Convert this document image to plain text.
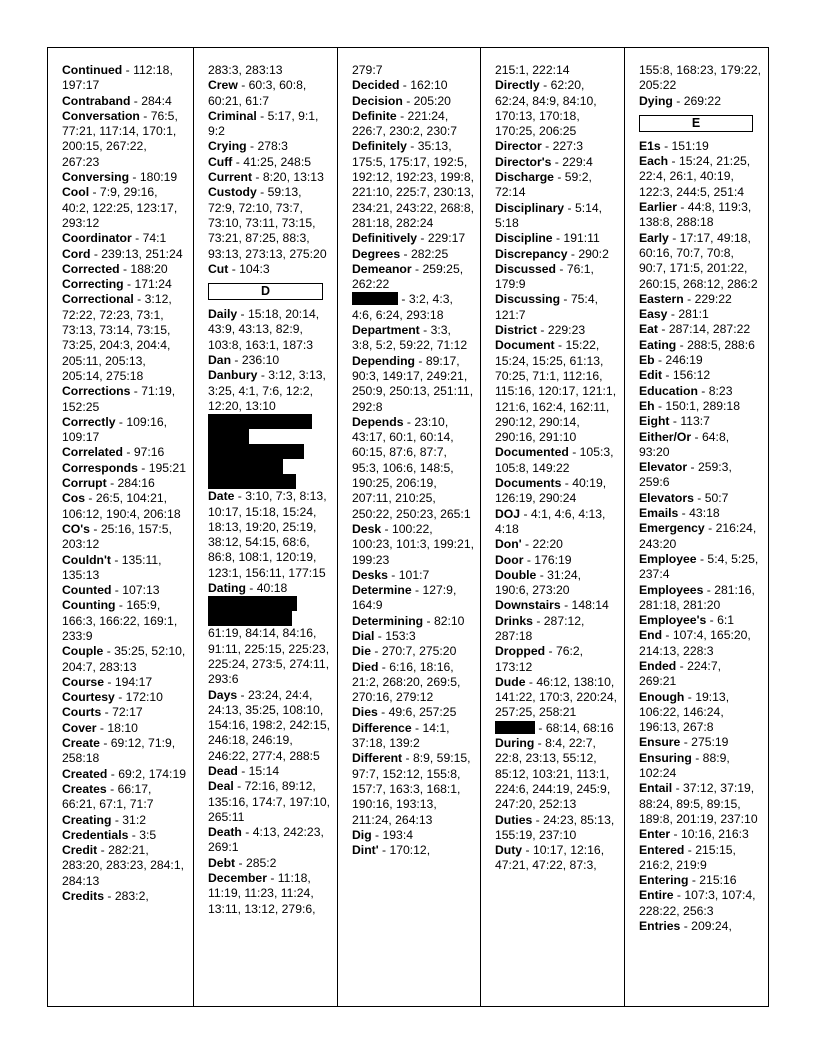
Continued - 112:18, 197:17
Contraband - 284:4
Conversation - 76:5, 77:21, 117:14, 170:1, 200:15, 267:22, 267:23
Conversing - 180:19
Cool - 7:9, 29:16, 40:2, 122:25, 123:17, 293:12
Coordinator - 74:1
Cord - 239:13, 251:24
Corrected - 188:20
Correcting - 171:24
Correctional - 3:12, 72:22, 72:23, 73:1, 73:13, 73:14, 73:15, 73:25, 204:3, 204:4, 205:11, 205:13, 205:14, 275:18
Corrections - 71:19, 152:25
Correctly - 109:16, 109:17
Correlated - 97:16
Corresponds - 195:21
Corrupt - 284:16
Cos - 26:5, 104:21, 106:12, 190:4, 206:18
CO's - 25:16, 157:5, 203:12
Couldn't - 135:11, 135:13
Counted - 107:13
Counting - 165:9, 166:3, 166:22, 169:1, 233:9
Couple - 35:25, 52:10, 204:7, 283:13
Course - 194:17
Courtesy - 172:10
Courts - 72:17
Cover - 18:10
Create - 69:12, 71:9, 258:18
Created - 69:2, 174:19
Creates - 66:17, 66:21, 67:1, 71:7
Creating - 31:2
Credentials - 3:5
Credit - 282:21, 283:20, 283:23, 284:1, 284:13
Credits - 283:2,
283:3, 283:13
Crew - 60:3, 60:8, 60:21, 61:7
Criminal - 5:17, 9:1, 9:2
Crying - 278:3
Cuff - 41:25, 248:5
Current - 8:20, 13:13
Custody - 59:13, 72:9, 72:10, 73:7, 73:10, 73:11, 73:15, 73:21, 87:25, 88:3, 93:13, 273:13, 275:20
Cut - 104:3
D
Daily - 15:18, 20:14, 43:9, 43:13, 82:9, 103:8, 163:1, 187:3
Dan - 236:10
Danbury - 3:12, 3:13, 3:25, 4:1, 7:6, 12:2, 12:20, 13:10
Date - 3:10, 7:3, 8:13, 10:17, 15:18, 15:24, 18:13, 19:20, 25:19, 38:12, 54:15, 68:6, 86:8, 108:1, 120:19, 123:1, 156:11, 177:15
Dating - 40:18
61:19, 84:14, 84:16, 91:11, 225:15, 225:23, 225:24, 273:5, 274:11, 293:6
Days - 23:24, 24:4, 24:13, 35:25, 108:10, 154:16, 198:2, 242:15, 246:18, 246:19, 246:22, 277:4, 288:5
Dead - 15:14
Deal - 72:16, 89:12, 135:16, 174:7, 197:10, 265:11
Death - 4:13, 242:23, 269:1
Debt - 285:2
December - 11:18, 11:19, 11:23, 11:24, 13:11, 13:12, 279:6,
279:7
Decided - 162:10
Decision - 205:20
Definite - 221:24, 226:7, 230:2, 230:7
Definitely - 35:13, 175:5, 175:17, 192:5, 192:12, 192:23, 199:8, 221:10, 225:7, 230:13, 234:21, 243:22, 268:8, 281:18, 282:24
Definitively - 229:17
Degrees - 282:25
Demeanor - 259:25, 262:22
- 3:2, 4:3, 4:6, 6:24, 293:18
Department - 3:3, 3:8, 5:2, 59:22, 71:12
Depending - 89:17, 90:3, 149:17, 249:21, 250:9, 250:13, 251:11, 292:8
Depends - 23:10, 43:17, 60:1, 60:14, 60:15, 87:6, 87:7, 95:3, 106:6, 148:5, 190:25, 206:19, 207:11, 210:25, 250:22, 250:23, 265:1
Desk - 100:22, 100:23, 101:3, 199:21, 199:23
Desks - 101:7
Determine - 127:9, 164:9
Determining - 82:10
Dial - 153:3
Die - 270:7, 275:20
Died - 6:16, 18:16, 21:2, 268:20, 269:5, 270:16, 279:12
Dies - 49:6, 257:25
Difference - 14:1, 37:18, 139:2
Different - 8:9, 59:15, 97:7, 152:12, 155:8, 157:7, 163:3, 168:1, 190:16, 193:13, 211:24, 264:13
Dig - 193:4
Dint' - 170:12,
215:1, 222:14
Directly - 62:20, 62:24, 84:9, 84:10, 170:13, 170:18, 170:25, 206:25
Director - 227:3
Director's - 229:4
Discharge - 59:2, 72:14
Disciplinary - 5:14, 5:18
Discipline - 191:11
Discrepancy - 290:2
Discussed - 76:1, 179:9
Discussing - 75:4, 121:7
District - 229:23
Document - 15:22, 15:24, 15:25, 61:13, 70:25, 71:1, 112:16, 115:16, 120:17, 121:1, 121:6, 162:4, 162:11, 290:12, 290:14, 290:16, 291:10
Documented - 105:3, 105:8, 149:22
Documents - 40:19, 126:19, 290:24
DOJ - 4:1, 4:6, 4:13, 4:18
Don' - 22:20
Door - 176:19
Double - 31:24, 190:6, 273:20
Downstairs - 148:14
Drinks - 287:12, 287:18
Dropped - 76:2, 173:12
Dude - 46:12, 138:10, 141:22, 170:3, 220:24, 257:25, 258:21
- 68:14, 68:16
During - 8:4, 22:7, 22:8, 23:13, 55:12, 85:12, 103:21, 113:1, 224:6, 244:19, 245:9, 247:20, 252:13
Duties - 24:23, 85:13, 155:19, 237:10
Duty - 10:17, 12:16, 47:21, 47:22, 87:3,
155:8, 168:23, 179:22, 205:22
Dying - 269:22
E
E1s - 151:19
Each - 15:24, 21:25, 22:4, 26:1, 40:19, 122:3, 244:5, 251:4
Earlier - 44:8, 119:3, 138:8, 288:18
Early - 17:17, 49:18, 60:16, 70:7, 70:8, 90:7, 171:5, 201:22, 260:15, 268:12, 286:2
Eastern - 229:22
Easy - 281:1
Eat - 287:14, 287:22
Eating - 288:5, 288:6
Eb - 246:19
Edit - 156:12
Education - 8:23
Eh - 150:1, 289:18
Eight - 113:7
Either/Or - 64:8, 93:20
Elevator - 259:3, 259:6
Elevators - 50:7
Emails - 43:18
Emergency - 216:24, 243:20
Employee - 5:4, 5:25, 237:4
Employees - 281:16, 281:18, 281:20
Employee's - 6:1
End - 107:4, 165:20, 214:13, 228:3
Ended - 224:7, 269:21
Enough - 19:13, 106:22, 146:24, 196:13, 267:8
Ensure - 275:19
Ensuring - 88:9, 102:24
Entail - 37:12, 37:19, 88:24, 89:5, 89:15, 189:8, 201:19, 237:10
Enter - 10:16, 216:3
Entered - 215:15, 216:2, 219:9
Entering - 215:16
Entire - 107:3, 107:4, 228:22, 256:3
Entries - 209:24,
